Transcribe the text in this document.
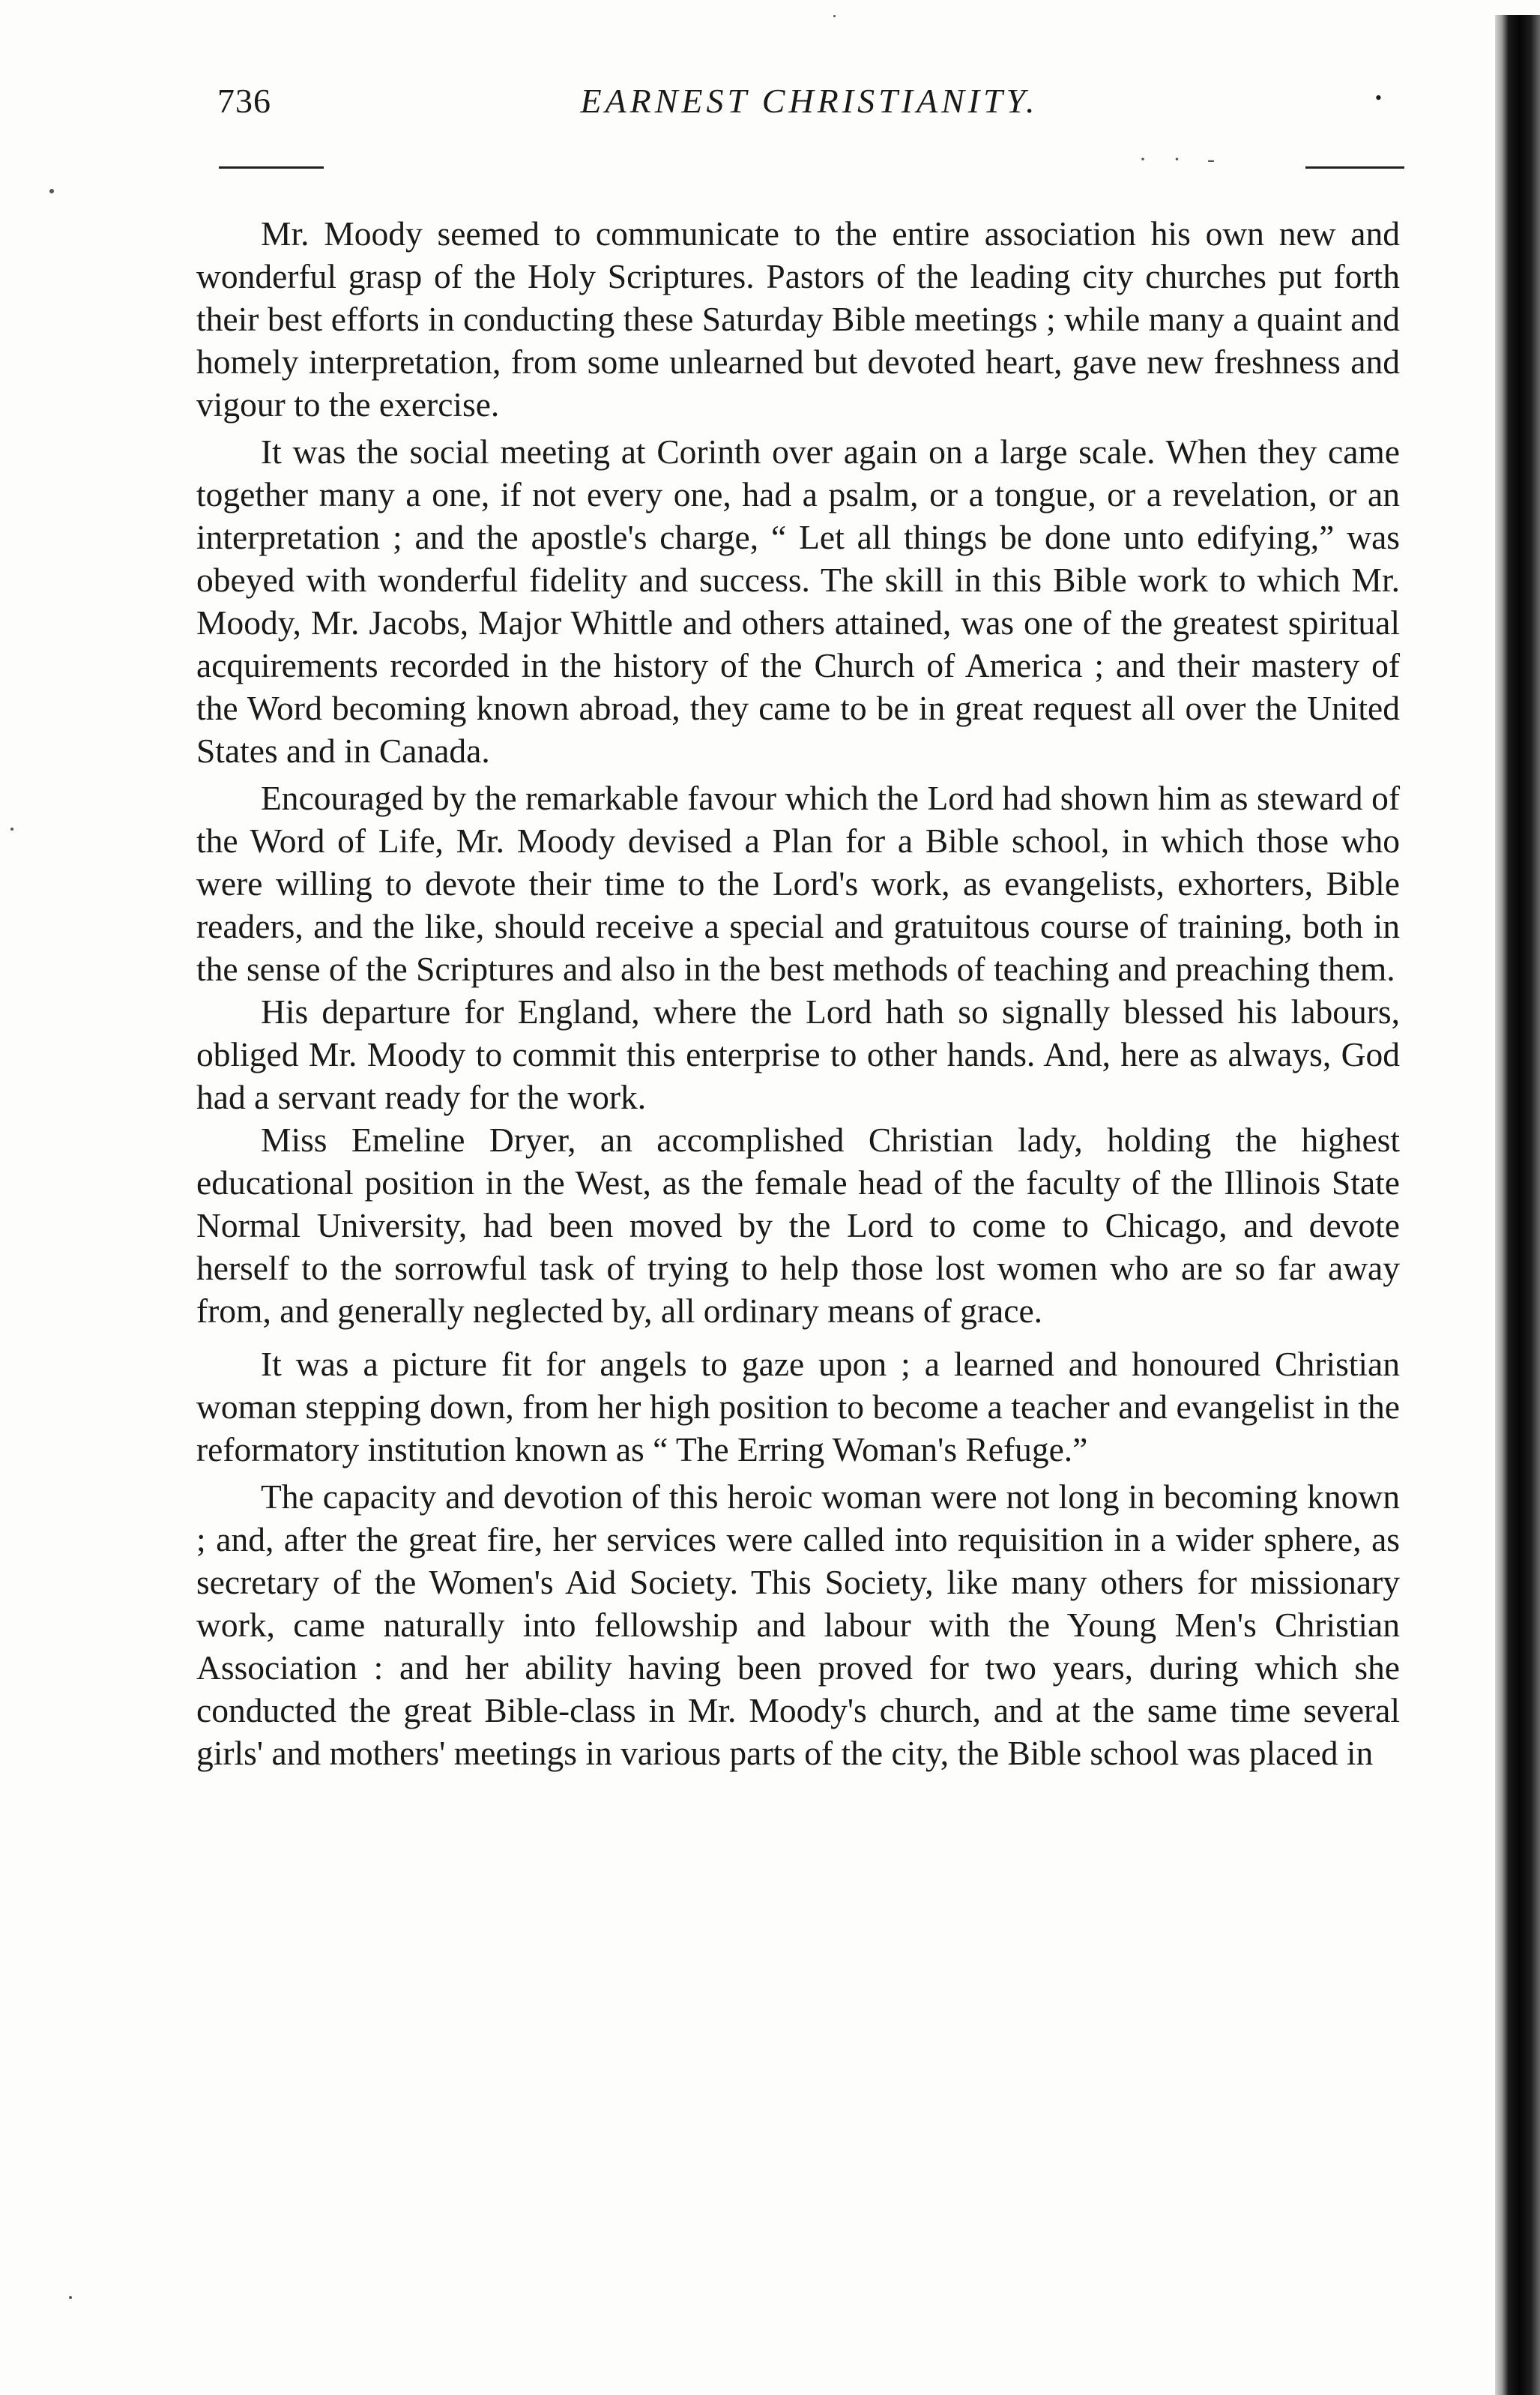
736	EARNEST CHRISTIANITY.	•
· · -

Mr. Moody seemed to communicate to the entire association his own new and wonderful grasp of the Holy Scriptures. Pastors of the leading city churches put forth their best efforts in conducting these Saturday Bible meetings ; while many a quaint and homely interpretation, from some unlearned but devoted heart, gave new freshness and vigour to the exercise.

It was the social meeting at Corinth over again on a large scale. When they came together many a one, if not every one, had a psalm, or a tongue, or a revelation, or an interpretation ; and the apostle's charge, “ Let all things be done unto edifying,” was obeyed with wonderful fidelity and success. The skill in this Bible work to which Mr. Moody, Mr. Jacobs, Major Whittle and others attained, was one of the greatest spiritual acquirements recorded in the history of the Church of America ; and their mastery of the Word becoming known abroad, they came to be in great request all over the United States and in Canada.

Encouraged by the remarkable favour which the Lord had shown him as steward of the Word of Life, Mr. Moody devised a Plan for a Bible school, in which those who were willing to devote their time to the Lord's work, as evangelists, exhorters, Bible readers, and the like, should receive a special and gratuitous course of training, both in the sense of the Scriptures and also in the best methods of teaching and preaching them.

His departure for England, where the Lord hath so signally blessed his labours, obliged Mr. Moody to commit this enterprise to other hands. And, here as always, God had a servant ready for the work.

Miss Emeline Dryer, an accomplished Christian lady, holding the highest educational position in the West, as the female head of the faculty of the Illinois State Normal University, had been moved by the Lord to come to Chicago, and devote herself to the sorrowful task of trying to help those lost women who are so far away from, and generally neglected by, all ordinary means of grace.

It was a picture fit for angels to gaze upon ; a learned and honoured Christian woman stepping down, from her high position to become a teacher and evangelist in the reformatory institution known as “ The Erring Woman's Refuge.”

The capacity and devotion of this heroic woman were not long in becoming known ; and, after the great fire, her services were called into requisition in a wider sphere, as secretary of the Women's Aid Society. This Society, like many others for missionary work, came naturally into fellowship and labour with the Young Men's Christian Association : and her ability having been proved for two years, during which she conducted the great Bible-class in Mr. Moody's church, and at the same time several girls' and mothers' meetings in various parts of the city, the Bible school was placed in
